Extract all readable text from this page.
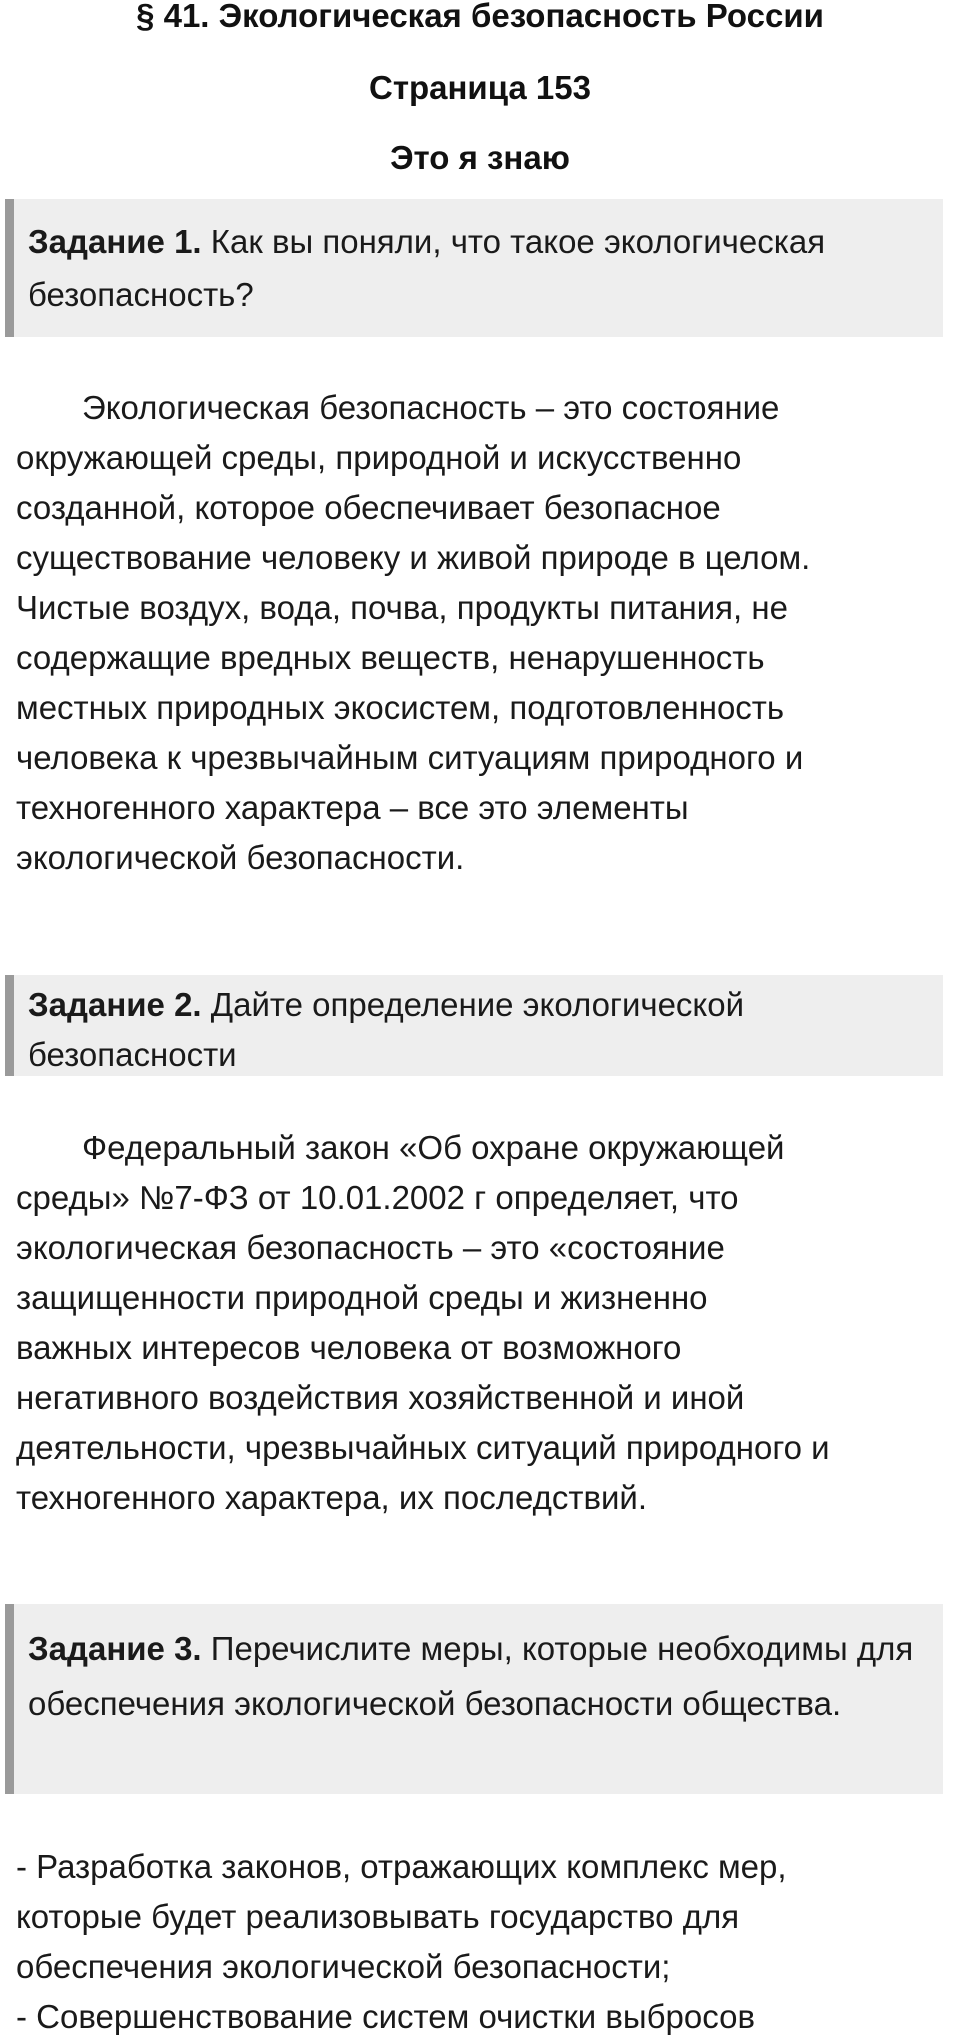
§ 41. Экологическая безопасность России
Страница 153
Это я знаю
Задание 1. Как вы поняли, что такое экологическая безопасность?

Экологическая безопасность – это состояние

окружающей среды, природной и искусственно
созданной, которое обеспечивает безопасное
существование человеку и живой природе в целом.
Чистые воздух, вода, почва, продукты питания, не
содержащие вредных веществ, ненарушенность
местных природных экосистем, подготовленность
человека к чрезвычайным ситуациям природного и
техногенного характера – все это элементы
экологической безопасности.
Задание 2. Дайте определение экологической безопасности

Федеральный закон «Об охране окружающей

среды» №7-ФЗ от 10.01.2002 г определяет, что
экологическая безопасность – это «состояние
защищенности природной среды и жизненно
важных интересов человека от возможного
негативного воздействия хозяйственной и иной
деятельности, чрезвычайных ситуаций природного и
техногенного характера, их последствий.
Задание 3. Перечислите меры, которые необходимы для обеспечения экологической безопасности общества.
- Разработка законов, отражающих комплекс мер,
которые будет реализовывать государство для
обеспечения экологической безопасности;
- Совершенствование систем очистки выбросов
